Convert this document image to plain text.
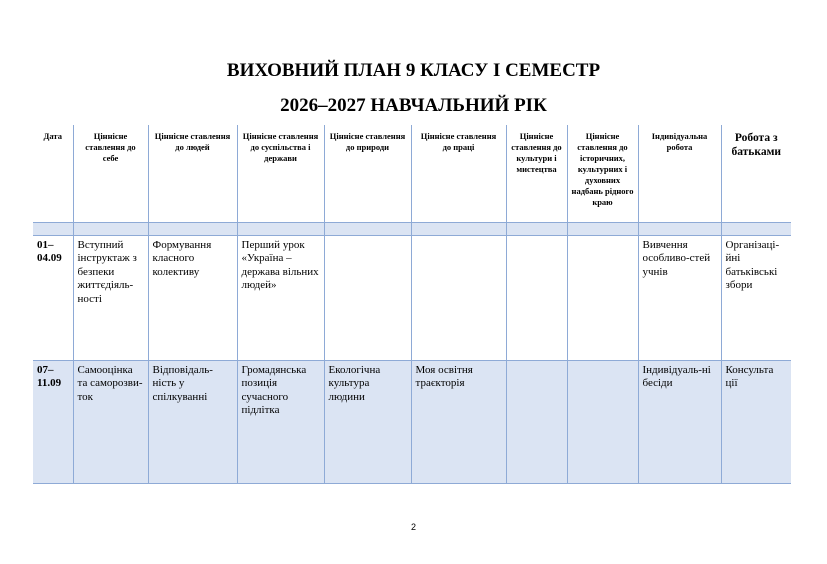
ВИХОВНИЙ ПЛАН 9 КЛАСУ І СЕМЕСТР
2026–2027 НАВЧАЛЬНИЙ РІК
Дата	Ціннісне ставлення до себе	Ціннісне ставлення до людей	Ціннісне ставлення до суспільства і держави	Ціннісне ставлення до природи	Ціннісне ставлення до праці	Ціннісне ставлення до культури і мистецтва	Ціннісне ставлення до історичних, культурних і духовних надбань рідного краю	Індивідуальна робота	Робота з батьками

01–04.09	Вступний інструктаж з безпеки життєдіяль-ності	Формування класного колективу	Перший урок «Україна – держава вільних людей»					Вивчення особливо-стей учнів	Організаці-йні батьківські збори
07–11.09	Самооцінка та саморозви-ток	Відповідаль-ність у спілкуванні	Громадянська позиція сучасного підлітка	Екологічна культура людини	Моя освітня траєкторія			Індивідуаль-ні бесіди	Консульта ції
2
